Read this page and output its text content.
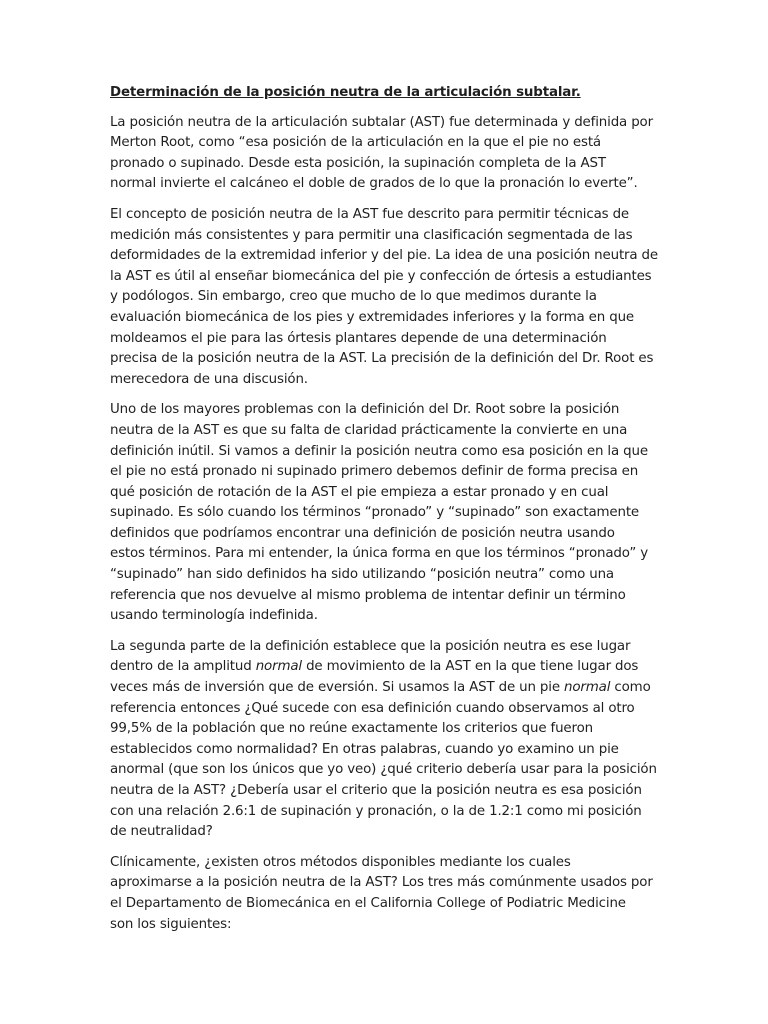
Determinación de la posición neutra de la articulación subtalar.

La posición neutra de la articulación subtalar (AST) fue determinada y definida por
Merton Root, como “esa posición de la articulación en la que el pie no está
pronado o supinado. Desde esta posición, la supinación completa de la AST
normal invierte el calcáneo el doble de grados de lo que la pronación lo everte”.

El concepto de posición neutra de la AST fue descrito para permitir técnicas de
medición más consistentes y para permitir una clasificación segmentada de las
deformidades de la extremidad inferior y del pie. La idea de una posición neutra de
la AST es útil al enseñar biomecánica del pie y confección de órtesis a estudiantes
y podólogos. Sin embargo, creo que mucho de lo que medimos durante la
evaluación biomecánica de los pies y extremidades inferiores y la forma en que
moldeamos el pie para las órtesis plantares depende de una determinación
precisa de la posición neutra de la AST. La precisión de la definición del Dr. Root es
merecedora de una discusión.

Uno de los mayores problemas con la definición del Dr. Root sobre la posición
neutra de la AST es que su falta de claridad prácticamente la convierte en una
definición inútil. Si vamos a definir la posición neutra como esa posición en la que
el pie no está pronado ni supinado primero debemos definir de forma precisa en
qué posición de rotación de la AST el pie empieza a estar pronado y en cual
supinado. Es sólo cuando los términos “pronado” y “supinado” son exactamente
definidos que podríamos encontrar una definición de posición neutra usando
estos términos. Para mi entender, la única forma en que los términos “pronado” y
“supinado” han sido definidos ha sido utilizando “posición neutra” como una
referencia que nos devuelve al mismo problema de intentar definir un término
usando terminología indefinida.

La segunda parte de la definición establece que la posición neutra es ese lugar
dentro de la amplitud normal de movimiento de la AST en la que tiene lugar dos
veces más de inversión que de eversión. Si usamos la AST de un pie normal como
referencia entonces ¿Qué sucede con esa definición cuando observamos al otro
99,5% de la población que no reúne exactamente los criterios que fueron
establecidos como normalidad? En otras palabras, cuando yo examino un pie
anormal (que son los únicos que yo veo) ¿qué criterio debería usar para la posición
neutra de la AST? ¿Debería usar el criterio que la posición neutra es esa posición
con una relación 2.6:1 de supinación y pronación, o la de 1.2:1 como mi posición
de neutralidad?

Clínicamente, ¿existen otros métodos disponibles mediante los cuales
aproximarse a la posición neutra de la AST? Los tres más comúnmente usados por
el Departamento de Biomecánica en el California College of Podiatric Medicine
son los siguientes:
